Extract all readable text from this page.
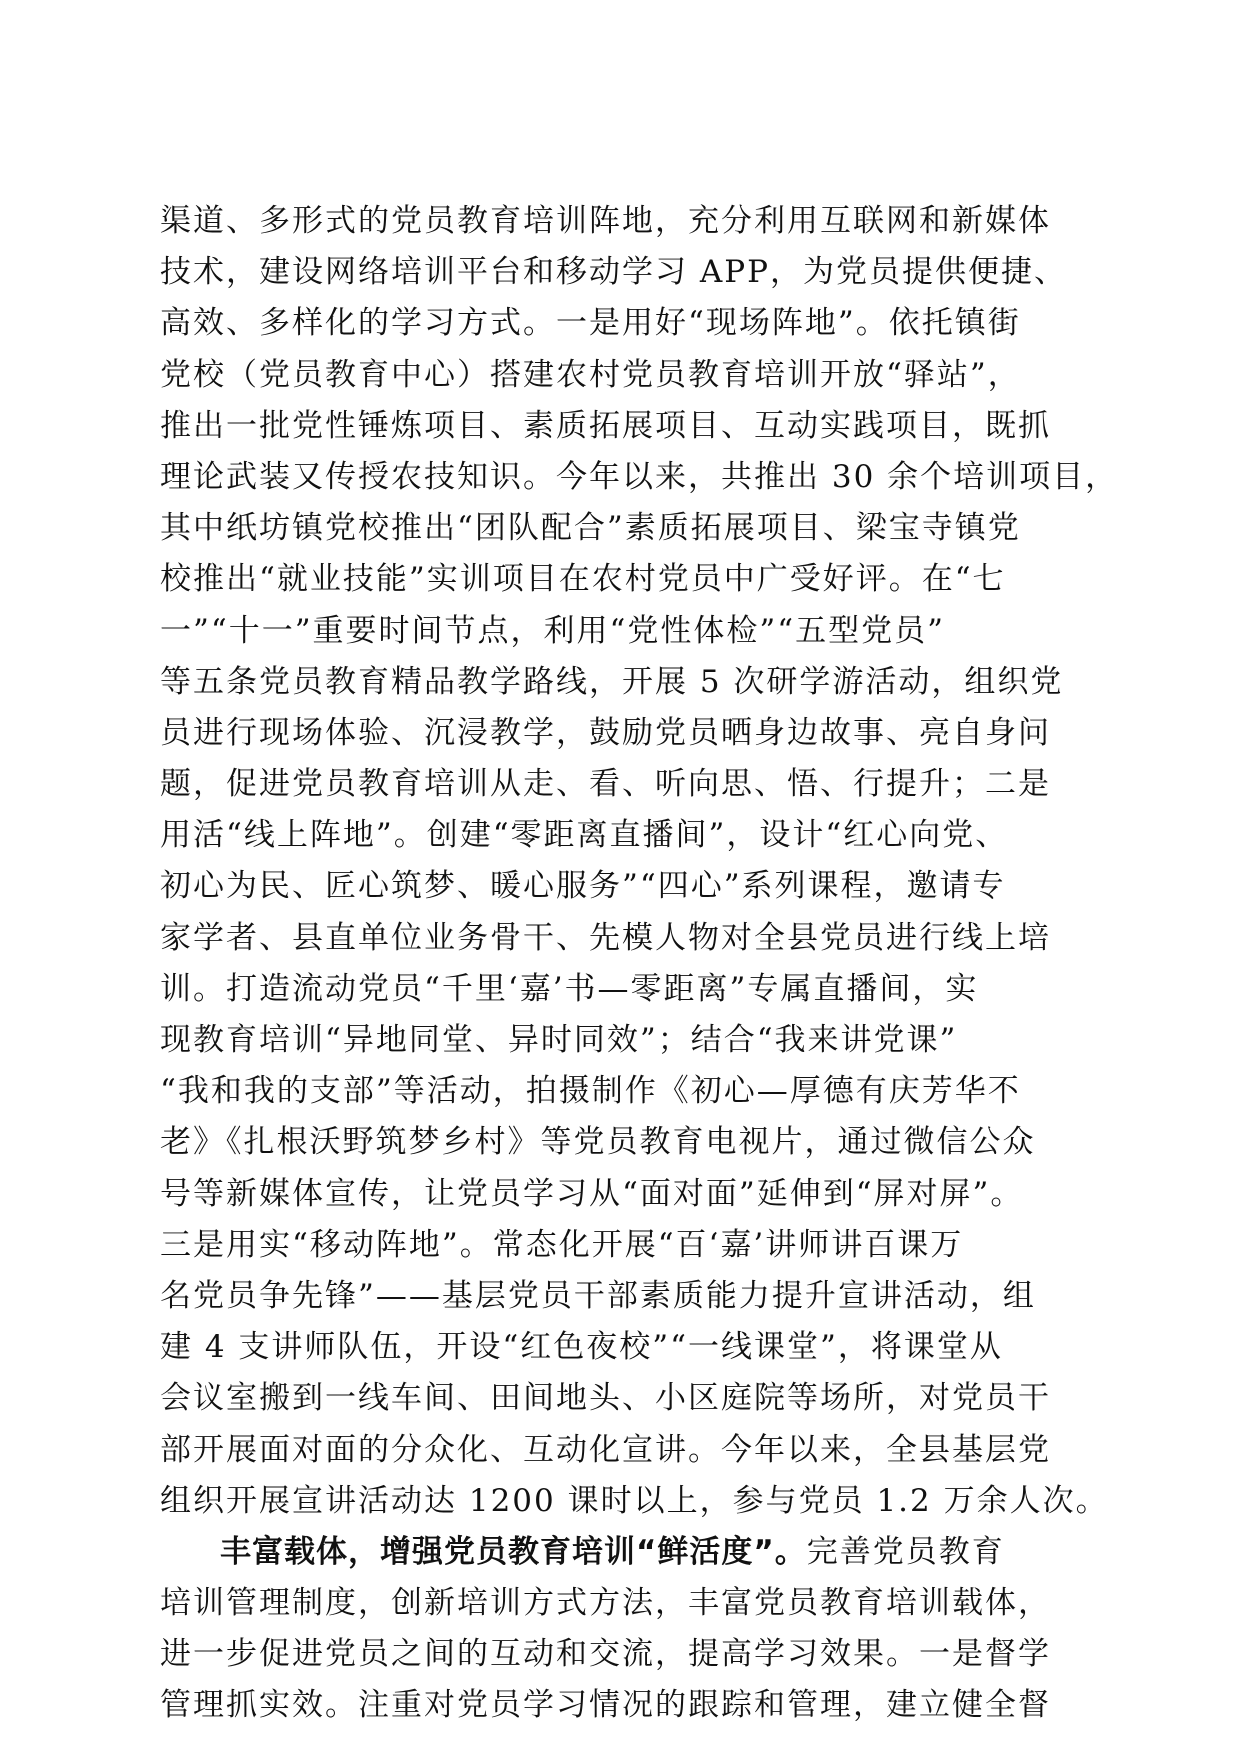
渠道、多形式的党员教育培训阵地，充分利用互联网和新媒体
技术，建设网络培训平台和移动学习 APP，为党员提供便捷、
高效、多样化的学习方式。一是用好“现场阵地”。依托镇街
党校（党员教育中心）搭建农村党员教育培训开放“驿站”，
推出一批党性锤炼项目、素质拓展项目、互动实践项目，既抓
理论武装又传授农技知识。今年以来，共推出 30 余个培训项目，
其中纸坊镇党校推出“团队配合”素质拓展项目、梁宝寺镇党
校推出“就业技能”实训项目在农村党员中广受好评。在“七
一”“十一”重要时间节点，利用“党性体检”“五型党员”
等五条党员教育精品教学路线，开展 5 次研学游活动，组织党
员进行现场体验、沉浸教学，鼓励党员晒身边故事、亮自身问
题，促进党员教育培训从走、看、听向思、悟、行提升；二是
用活“线上阵地”。创建“零距离直播间”，设计“红心向党、
初心为民、匠心筑梦、暖心服务”“四心”系列课程，邀请专
家学者、县直单位业务骨干、先模人物对全县党员进行线上培
训。打造流动党员“千里‘嘉’书—零距离”专属直播间，实
现教育培训“异地同堂、异时同效”；结合“我来讲党课”
“我和我的支部”等活动，拍摄制作《初心—厚德有庆芳华不
老》《扎根沃野筑梦乡村》等党员教育电视片，通过微信公众
号等新媒体宣传，让党员学习从“面对面”延伸到“屏对屏”。
三是用实“移动阵地”。常态化开展“百‘嘉’讲师讲百课万
名党员争先锋”——基层党员干部素质能力提升宣讲活动，组
建 4 支讲师队伍，开设“红色夜校”“一线课堂”，将课堂从
会议室搬到一线车间、田间地头、小区庭院等场所，对党员干
部开展面对面的分众化、互动化宣讲。今年以来，全县基层党
组织开展宣讲活动达 1200 课时以上，参与党员 1.2 万余人次。
丰富载体，增强党员教育培训“鲜活度”。完善党员教育
培训管理制度，创新培训方式方法，丰富党员教育培训载体，
进一步促进党员之间的互动和交流，提高学习效果。一是督学
管理抓实效。注重对党员学习情况的跟踪和管理，建立健全督
